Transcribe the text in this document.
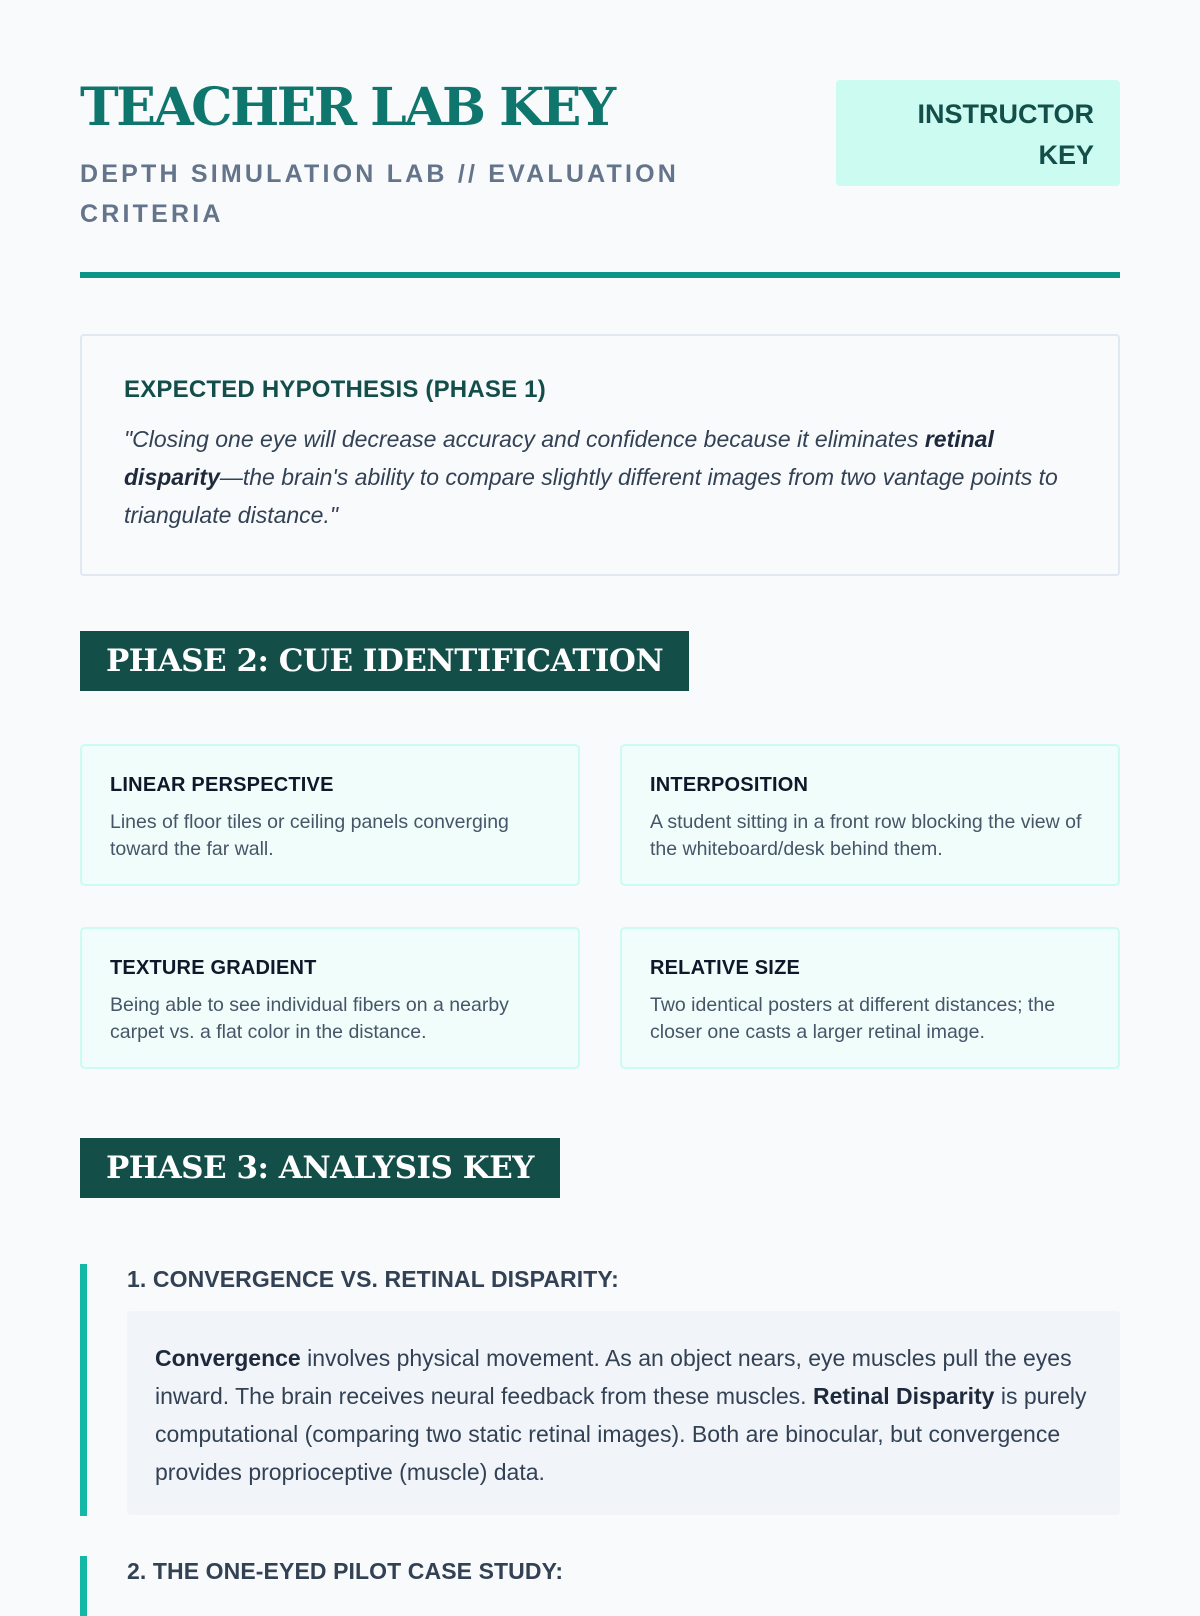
TEACHER LAB KEY

DEPTH SIMULATION LAB // EVALUATION CRITERIA

INSTRUCTOR
KEY
EXPECTED HYPOTHESIS (PHASE 1)

"Closing one eye will decrease accuracy and confidence because it eliminates retinal disparity—the brain's ability to compare slightly different images from two vantage points to triangulate distance."

PHASE 2: CUE IDENTIFICATION
LINEAR PERSPECTIVE

Lines of floor tiles or ceiling panels converging toward the far wall.

INTERPOSITION

A student sitting in a front row blocking the view of the whiteboard/desk behind them.

TEXTURE GRADIENT

Being able to see individual fibers on a nearby carpet vs. a flat color in the distance.

RELATIVE SIZE

Two identical posters at different distances; the closer one casts a larger retinal image.

PHASE 3: ANALYSIS KEY
1. CONVERGENCE VS. RETINAL DISPARITY:
Convergence involves physical movement. As an object nears, eye muscles pull the eyes inward. The brain receives neural feedback from these muscles. Retinal Disparity is purely computational (comparing two static retinal images). Both are binocular, but convergence provides proprioceptive (muscle) data.
2. THE ONE-EYED PILOT CASE STUDY:
